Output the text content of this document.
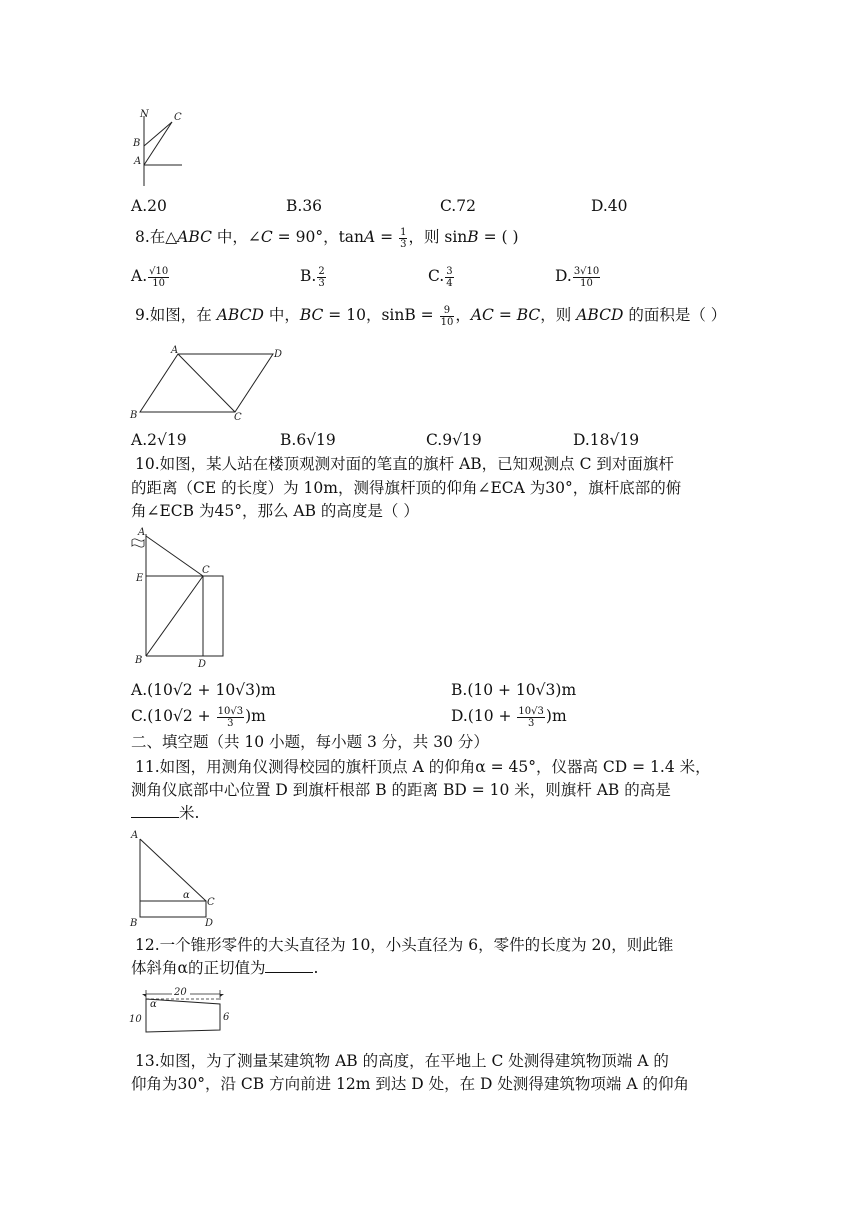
N	C
B
A
A.20	B.36	C.72	D.40
8.在△ABC 中，∠C = 90°，$\tan A = \frac{1}{3}$ ，则 sinB = ( )
A. $\frac{√10}{10}$	B. $\frac{2}{3}$	C. $\frac{3}{4}$	D. $\frac{3√10}{10}$
9.如图，在 ABCD 中，BC = 10，$\sin B = \frac{9}{10}$ ，AC = BC，则 ABCD 的面积是（ ）
A	D
B	C
A.2√19	B.6√19	C.9√19	D.18√19
10.如图，某人站在楼顶观测对面的笔直的旗杆 AB，已知观测点 C 到对面旗杆
的距离（CE 的长度）为 10m，测得旗杆顶的仰角∠ECA 为30°，旗杆底部的俯
角∠ECB 为45°，那么 AB 的高度是（ ）
A
E
C
B	D
A.(10√2 + 10√3)m	B.(10 + 10√3)m
$C.(10√2 + \frac{10√3}{3} )m$	$D.(10 + \frac{10√3}{3} )m$
二、填空题（共 10 小题，每小题 3 分，共 30 分）
11.如图，用测角仪测得校园的旗杆顶点 A 的仰角α = 45°，仪器高 CD = 1.4 米，
测角仪底部中心位置 D 到旗杆根部 B 的距离 BD = 10 米，则旗杆 AB 的高是
米.
A
α
C
B	D
12.一个锥形零件的大头直径为 10，小头直径为 6，零件的长度为 20，则此锥
体斜角α的正切值为	.
20
α
10	6
13.如图，为了测量某建筑物 AB 的高度，在平地上 C 处测得建筑物顶端 A 的
仰角为30°，沿 CB 方向前进 12m 到达 D 处，在 D 处测得建筑物项端 A 的仰角
